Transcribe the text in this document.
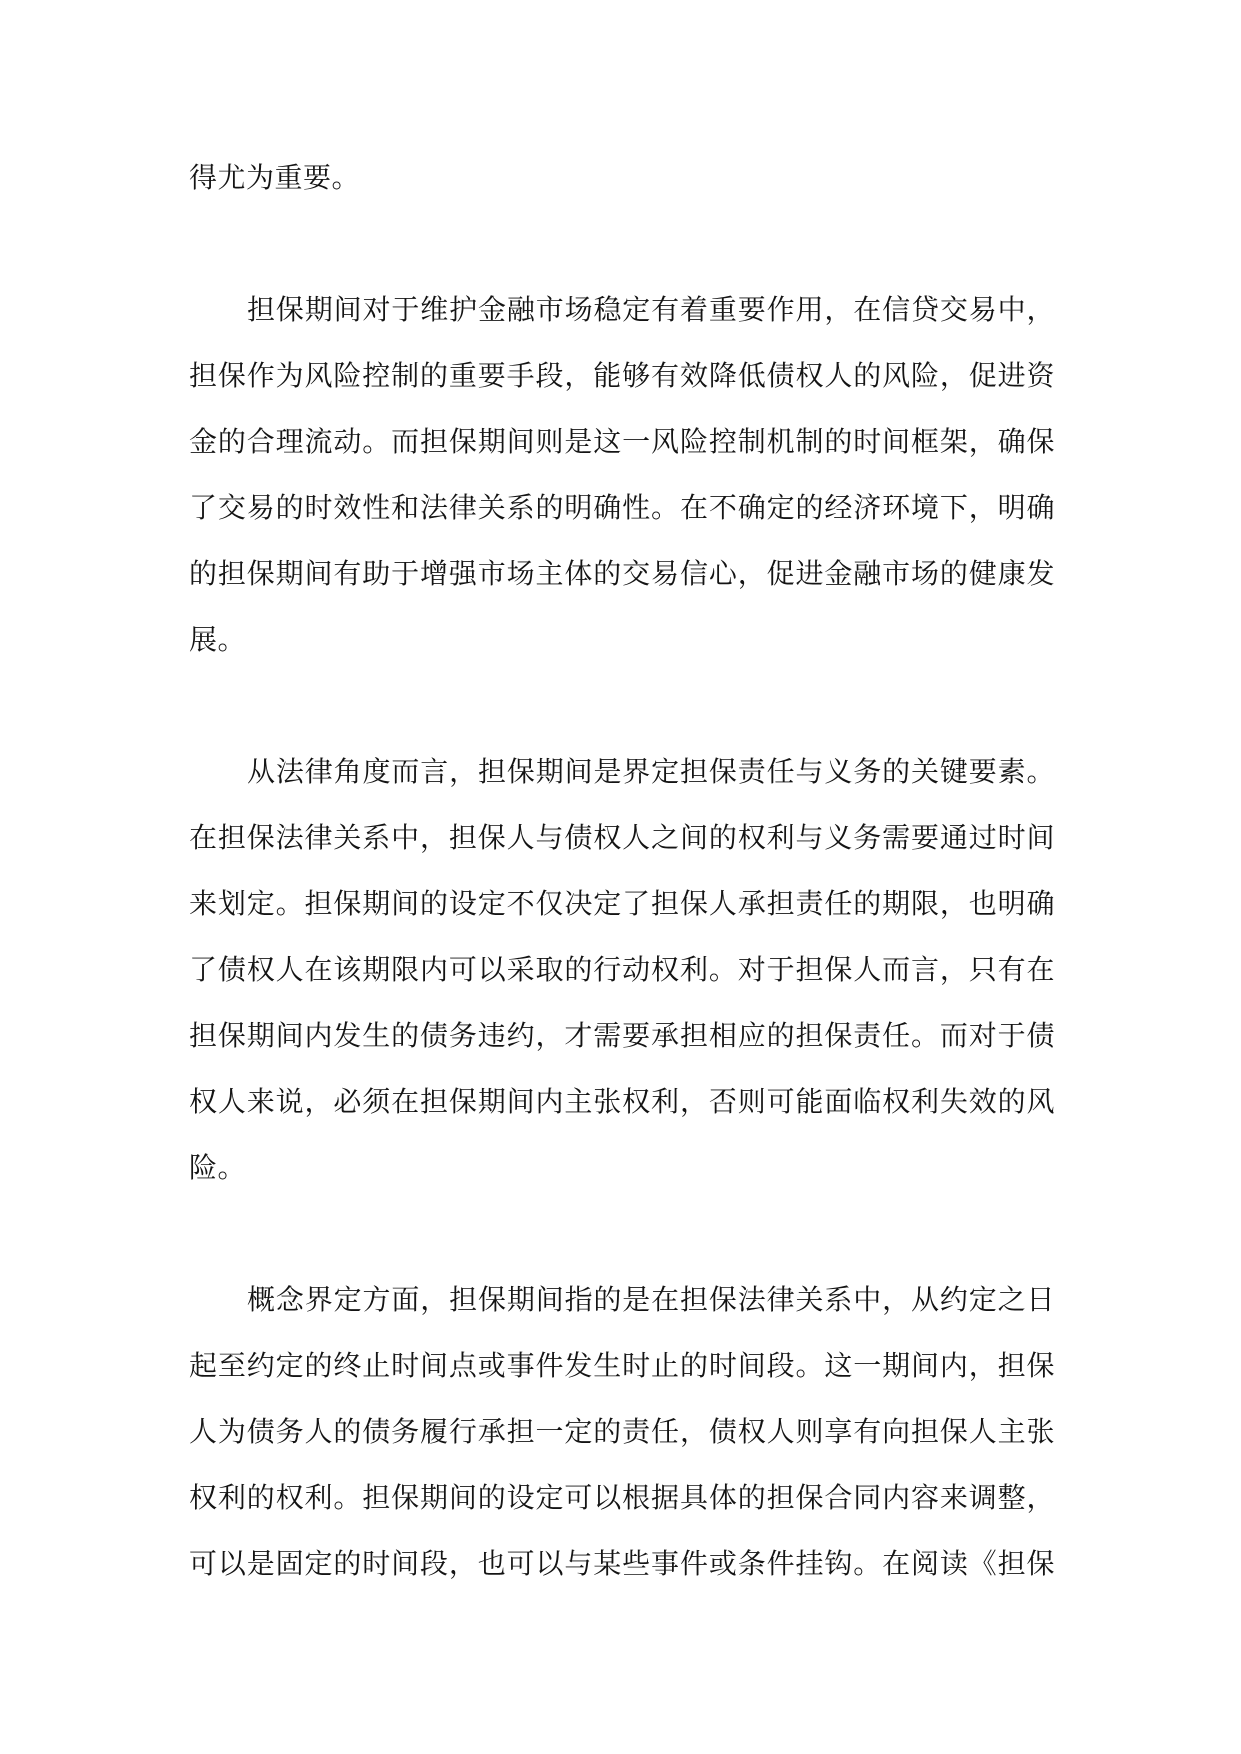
得尤为重要。
担保期间对于维护金融市场稳定有着重要作用，在信贷交易中，
担保作为风险控制的重要手段，能够有效降低债权人的风险，促进资
金的合理流动。而担保期间则是这一风险控制机制的时间框架，确保
了交易的时效性和法律关系的明确性。在不确定的经济环境下，明确
的担保期间有助于增强市场主体的交易信心，促进金融市场的健康发
展。
从法律角度而言，担保期间是界定担保责任与义务的关键要素。
在担保法律关系中，担保人与债权人之间的权利与义务需要通过时间
来划定。担保期间的设定不仅决定了担保人承担责任的期限，也明确
了债权人在该期限内可以采取的行动权利。对于担保人而言，只有在
担保期间内发生的债务违约，才需要承担相应的担保责任。而对于债
权人来说，必须在担保期间内主张权利，否则可能面临权利失效的风
险。
概念界定方面，担保期间指的是在担保法律关系中，从约定之日
起至约定的终止时间点或事件发生时止的时间段。这一期间内，担保
人为债务人的债务履行承担一定的责任，债权人则享有向担保人主张
权利的权利。担保期间的设定可以根据具体的担保合同内容来调整，
可以是固定的时间段，也可以与某些事件或条件挂钩。在阅读《担保
